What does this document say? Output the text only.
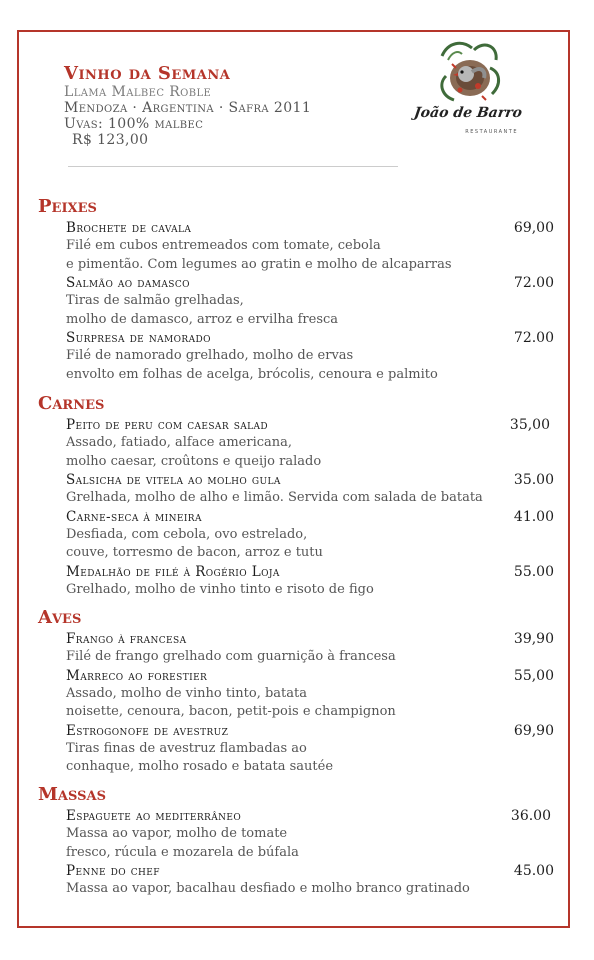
Vinho da Semana
Llama Malbec Roble
Mendoza · Argentina · Safra 2011
Uvas: 100% malbec
R$ 123,00
João de Barro
RESTAURANTE
Peixes
Brochete de cavala	69,00
Filé em cubos entremeados com tomate, cebola
e pimentão. Com legumes ao gratin e molho de alcaparras
Salmão ao damasco	72.00
Tiras de salmão grelhadas,
molho de damasco, arroz e ervilha fresca
Surpresa de namorado	72.00
Filé de namorado grelhado, molho de ervas
envolto em folhas de acelga, brócolis, cenoura e palmito
Carnes
Peito de peru com caesar salad	35,00
Assado, fatiado, alface americana,
molho caesar, croûtons e queijo ralado
Salsicha de vitela ao molho gula	35.00
Grelhada, molho de alho e limão. Servida com salada de batata
Carne-seca à mineira	41.00
Desfiada, com cebola, ovo estrelado,
couve, torresmo de bacon, arroz e tutu
Medalhão de filé à Rogério Loja	55.00
Grelhado, molho de vinho tinto e risoto de figo
Aves
Frango à francesa	39,90
Filé de frango grelhado com guarnição à francesa
Marreco ao forestier	55,00
Assado, molho de vinho tinto, batata
noisette, cenoura, bacon, petit-pois e champignon
Estrogonofe de avestruz	69,90
Tiras finas de avestruz flambadas ao
conhaque, molho rosado e batata sautée
Massas
Espaguete ao mediterrâneo	36.00
Massa ao vapor, molho de tomate
fresco, rúcula e mozarela de búfala
Penne do chef	45.00
Massa ao vapor, bacalhau desfiado e molho branco gratinado
